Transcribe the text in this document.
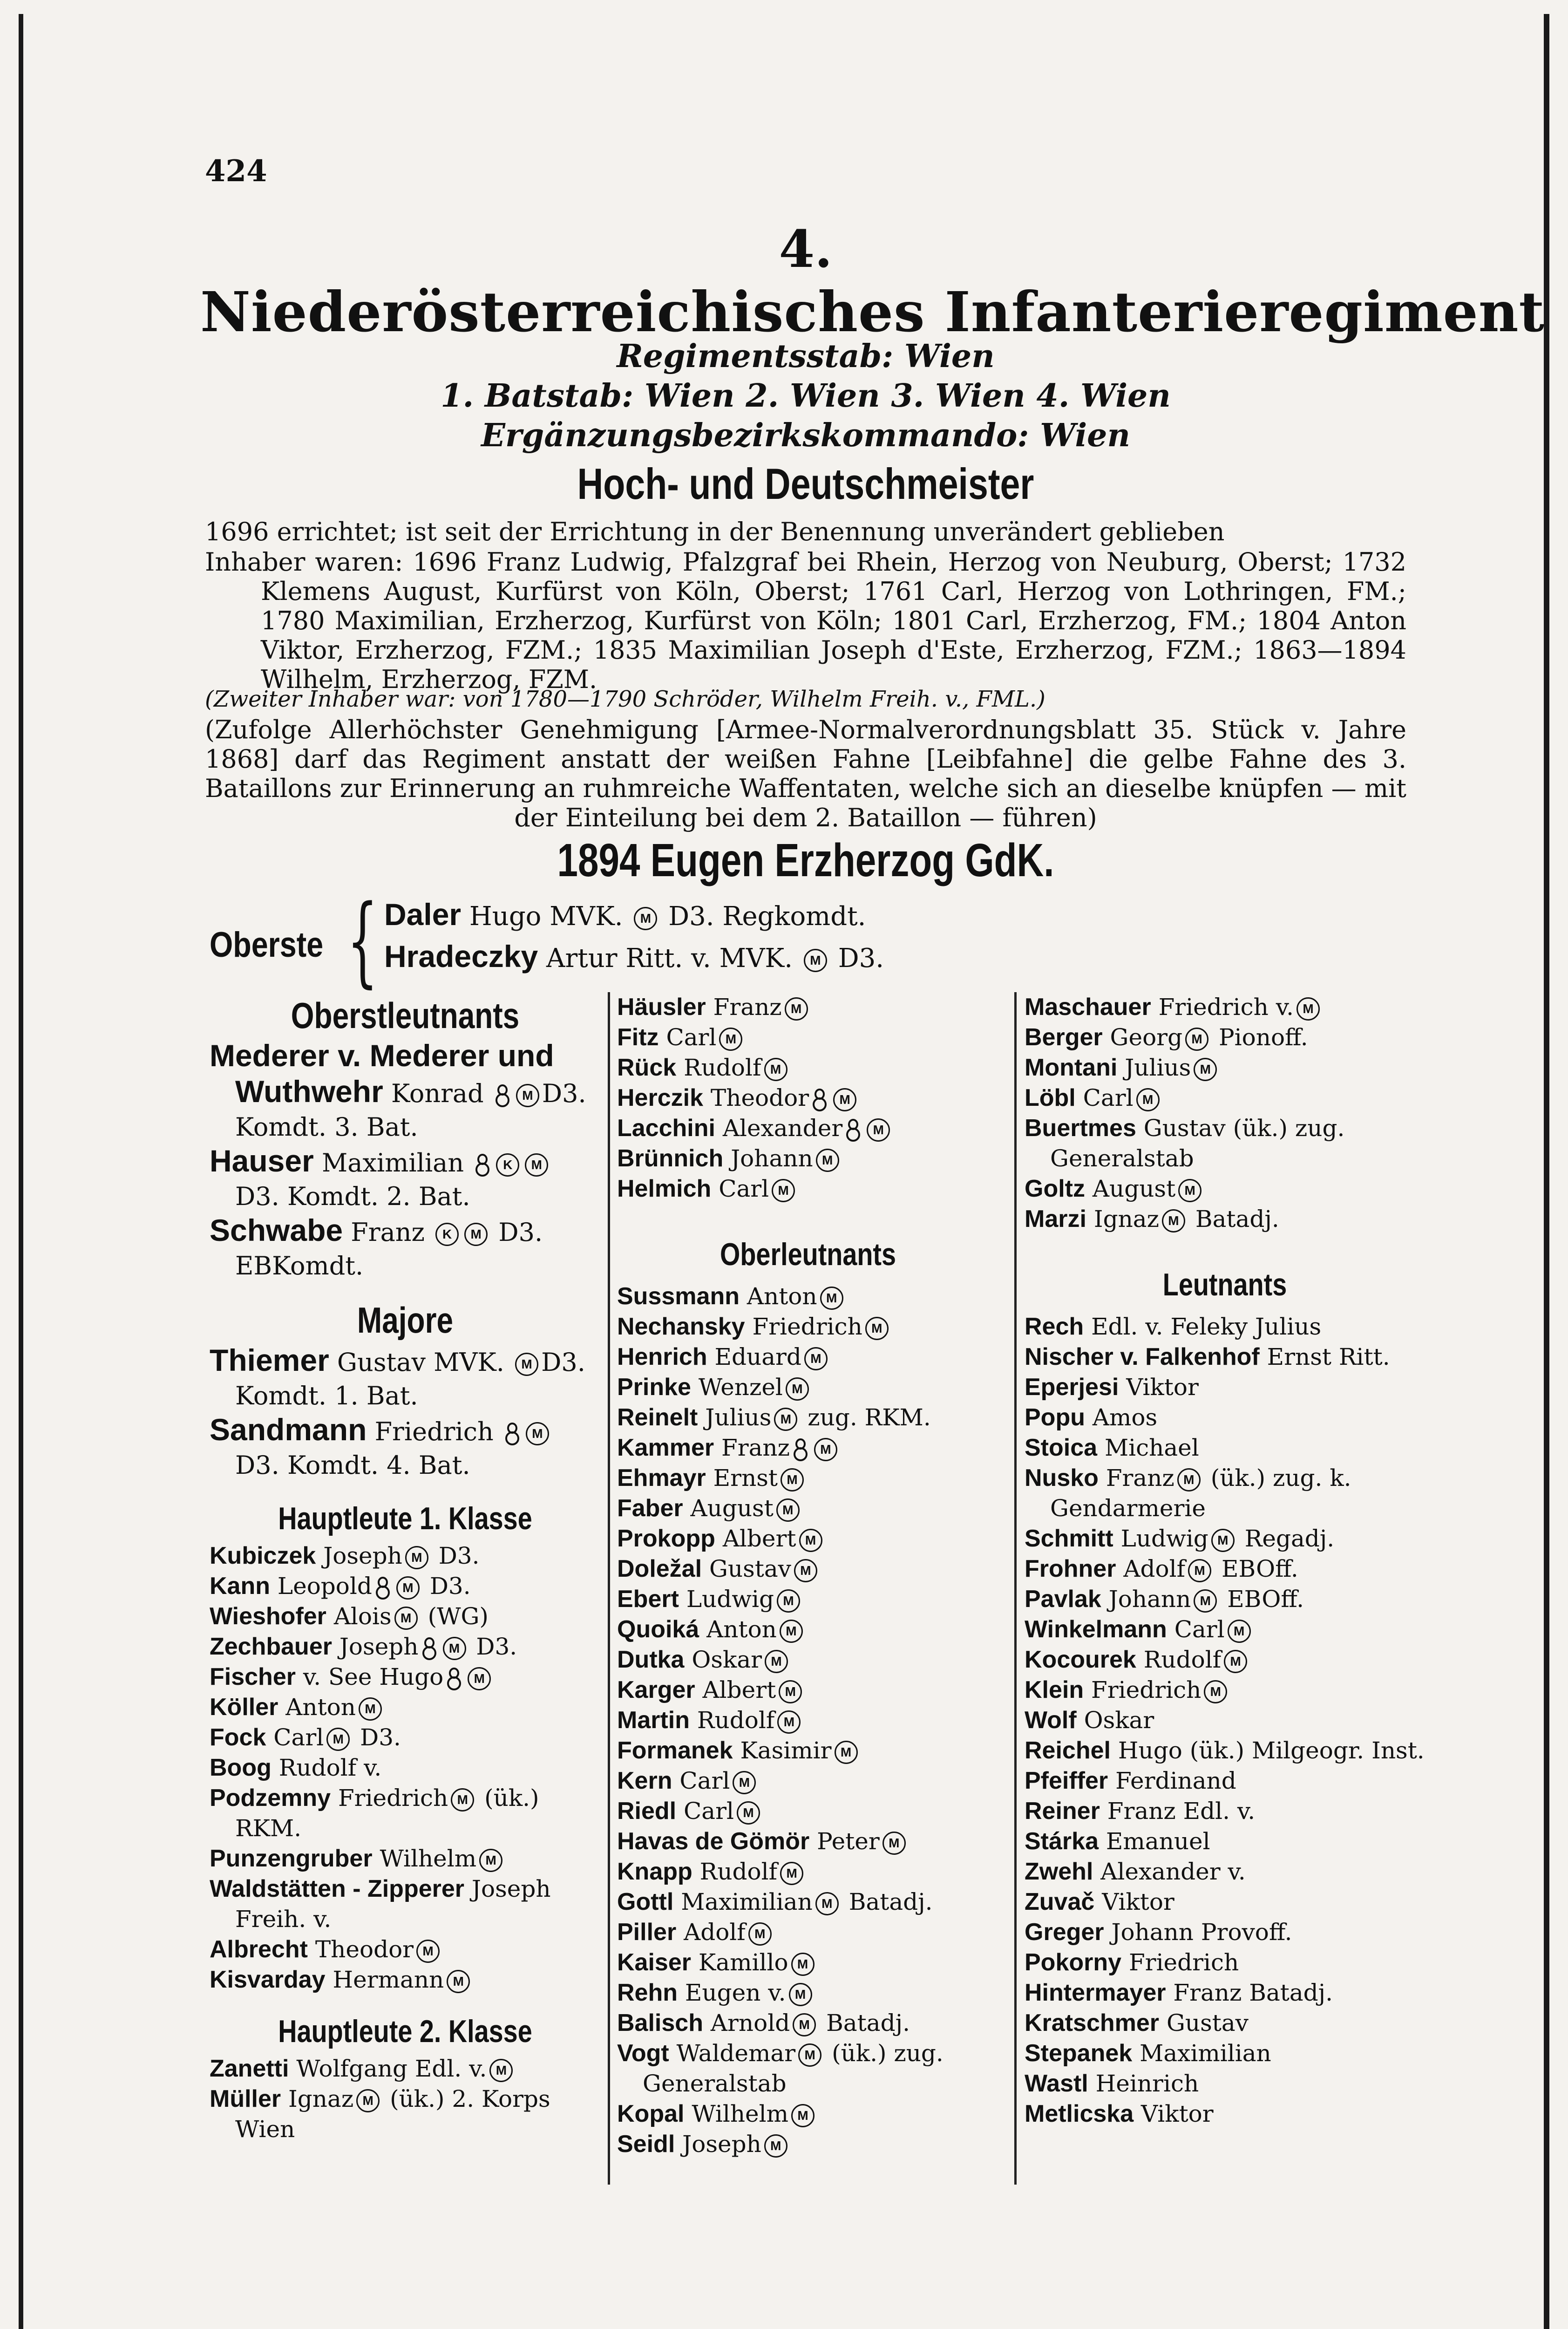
424
4.
Niederösterreichisches Infanterieregiment
Regimentsstab: Wien
1. Batstab: Wien 2. Wien 3. Wien 4. Wien
Ergänzungsbezirkskommando: Wien
Hoch- und Deutschmeister
1696 errichtet; ist seit der Errichtung in der Benennung unverändert geblieben
Inhaber waren: 1696 Franz Ludwig, Pfalzgraf bei Rhein, Herzog von Neuburg, Oberst; 1732 Klemens August, Kurfürst von Köln, Oberst; 1761 Carl, Herzog von Lothringen, FM.; 1780 Maximilian, Erzherzog, Kurfürst von Köln; 1801 Carl, Erzherzog, FM.; 1804 Anton Viktor, Erzherzog, FZM.; 1835 Maximilian Joseph d'Este, Erzherzog, FZM.; 1863—1894 Wilhelm, Erzherzog, FZM.
(Zweiter Inhaber war: von 1780—1790 Schröder, Wilhelm Freih. v., FML.)
(Zufolge Allerhöchster Genehmigung [Armee-Normalverordnungsblatt 35. Stück v. Jahre 1868] darf das Regiment anstatt der weißen Fahne [Leibfahne] die gelbe Fahne des 3. Bataillons zur Erinnerung an ruhmreiche Waffentaten, welche sich an dieselbe knüpfen — mit der Einteilung bei dem 2. Bataillon — führen)
1894 Eugen Erzherzog GdK.
Oberste { Daler Hugo MVK. M D3. Regkomdt.
Hradeczky Artur Ritt. v. MVK. M D3.
Oberstleutnants
Mederer v. Mederer und
Wuthwehr Konrad	M D3. Komdt. 3. Bat.
Hauser Maximilian	K M D3. Komdt. 2. Bat.
Schwabe Franz K M D3. EBKomdt.
Majore
Thiemer Gustav MVK. M D3. Komdt. 1. Bat.
Sandmann Friedrich	M D3. Komdt. 4. Bat.
Hauptleute 1. Klasse
Kubiczek Joseph M D3.
Kann Leopold M D3.
Wieshofer Alois M (WG)
Zechbauer Joseph M D3.
Fischer v. See Hugo M
Köller Anton M
Fock Carl M D3.
Boog Rudolf v.
Podzemny Friedrich M (ük.) RKM.
Punzengruber Wilhelm M
Waldstätten - Zipperer Joseph Freih. v.
Albrecht Theodor M
Kisvarday Hermann M
Hauptleute 2. Klasse
Zanetti Wolfgang Edl. v. M
Müller Ignaz M (ük.) 2. Korps Wien
Häusler Franz M
Fitz Carl M
Rück Rudolf M
Herczik Theodor M
Lacchini Alexander M
Brünnich Johann M
Helmich Carl M
Oberleutnants
Sussmann Anton M
Nechansky Friedrich M
Henrich Eduard M
Prinke Wenzel M
Reinelt Julius M zug. RKM.
Kammer Franz M
Ehmayr Ernst M
Faber August M
Prokopp Albert M
Doležal Gustav M
Ebert Ludwig M
Quoiká Anton M
Dutka Oskar M
Karger Albert M
Martin Rudolf M
Formanek Kasimir M
Kern Carl M
Riedl Carl M
Havas de Gömör Peter M
Knapp Rudolf M
Gottl Maximilian M Batadj.
Piller Adolf M
Kaiser Kamillo M
Rehn Eugen v. M
Balisch Arnold M Batadj.
Vogt Waldemar M (ük.) zug. Generalstab
Kopal Wilhelm M
Seidl Joseph M
Maschauer Friedrich v. M
Berger Georg M Pionoff.
Montani Julius M
Löbl Carl M
Buertmes Gustav (ük.) zug. Generalstab
Goltz August M
Marzi Ignaz M Batadj.
Leutnants
Rech Edl. v. Feleky Julius
Nischer v. Falkenhof Ernst Ritt.
Eperjesi Viktor
Popu Amos
Stoica Michael
Nusko Franz M (ük.) zug. k. Gendarmerie
Schmitt Ludwig M Regadj.
Frohner Adolf M EBOff.
Pavlak Johann M EBOff.
Winkelmann Carl M
Kocourek Rudolf M
Klein Friedrich M
Wolf Oskar
Reichel Hugo (ük.) Milgeogr. Inst.
Pfeiffer Ferdinand
Reiner Franz Edl. v.
Stárka Emanuel
Zwehl Alexander v.
Zuvač Viktor
Greger Johann Provoff.
Pokorny Friedrich
Hintermayer Franz Batadj.
Kratschmer Gustav
Stepanek Maximilian
Wastl Heinrich
Metlicska Viktor
